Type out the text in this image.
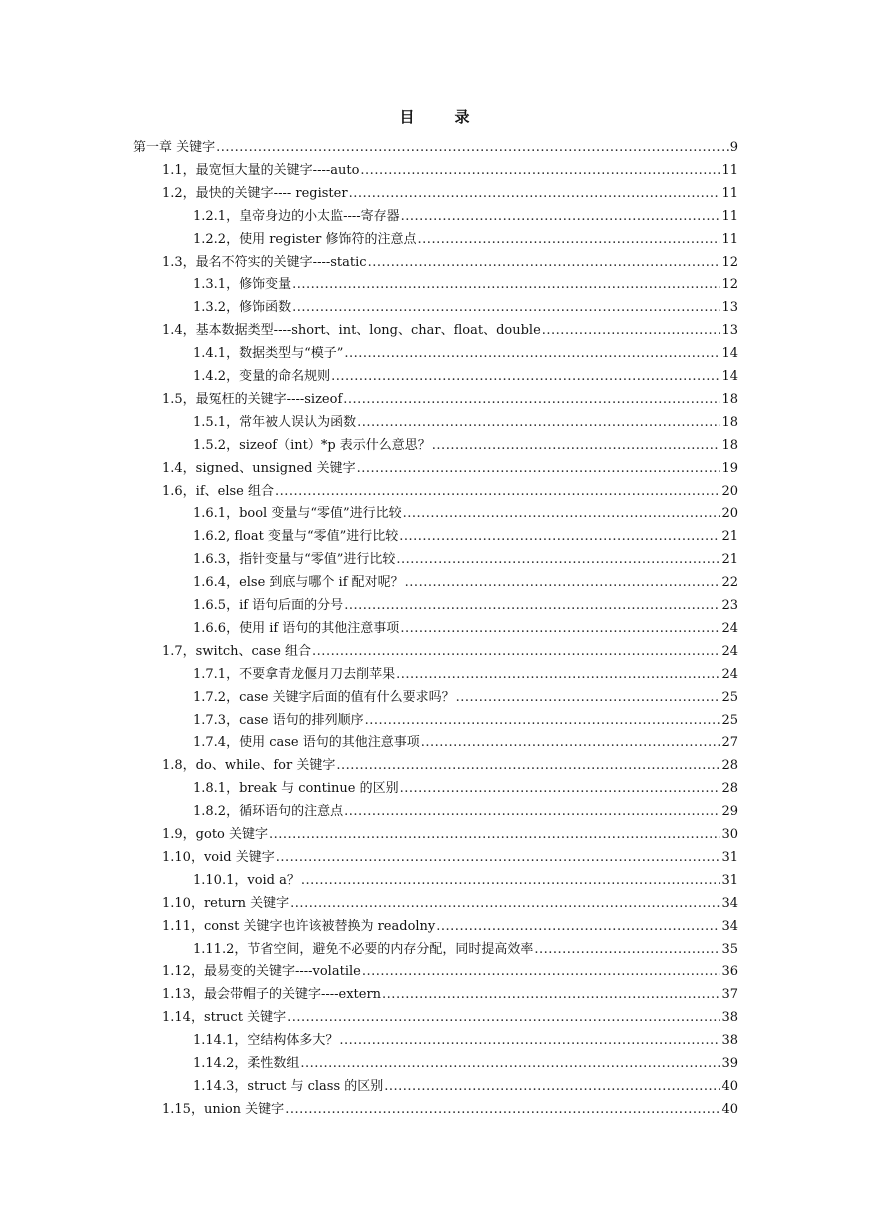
目	录
第一章 关键字 .....	9
1.1，最宽恒大量的关键字----auto .....	11
1.2，最快的关键字---- register .....	11
1.2.1，皇帝身边的小太监----寄存器 .....	11
1.2.2，使用 register 修饰符的注意点 .....	11
1.3，最名不符实的关键字----static .....	12
1.3.1，修饰变量 .....	12
1.3.2，修饰函数 .....	13
1.4，基本数据类型----short、int、long、char、float、double .....	13
1.4.1，数据类型与“模子” .....	14
1.4.2，变量的命名规则 .....	14
1.5，最冤枉的关键字----sizeof .....	18
1.5.1，常年被人误认为函数 .....	18
1.5.2，sizeof（int）*p 表示什么意思？ .....	18
1.4，signed、unsigned 关键字 .....	19
1.6，if、else 组合 .....	20
1.6.1，bool 变量与“零值”进行比较 .....	20
1.6.2, float 变量与“零值”进行比较 .....	21
1.6.3，指针变量与“零值”进行比较 .....	21
1.6.4，else 到底与哪个 if 配对呢？ .....	22
1.6.5，if 语句后面的分号 .....	23
1.6.6，使用 if 语句的其他注意事项 .....	24
1.7，switch、case 组合 .....	24
1.7.1，不要拿青龙偃月刀去削苹果 .....	24
1.7.2，case 关键字后面的值有什么要求吗？ .....	25
1.7.3，case 语句的排列顺序 .....	25
1.7.4，使用 case 语句的其他注意事项 .....	27
1.8，do、while、for 关键字 .....	28
1.8.1，break 与 continue 的区别 .....	28
1.8.2，循环语句的注意点 .....	29
1.9，goto 关键字 .....	30
1.10，void 关键字 .....	31
1.10.1，void a？ .....	31
1.10，return 关键字 .....	34
1.11，const 关键字也许该被替换为 readolny .....	34
1.11.2，节省空间，避免不必要的内存分配，同时提高效率 .....	35
1.12，最易变的关键字----volatile .....	36
1.13，最会带帽子的关键字----extern .....	37
1.14，struct 关键字 .....	38
1.14.1，空结构体多大？ .....	38
1.14.2，柔性数组 .....	39
1.14.3，struct 与 class 的区别 .....	40
1.15，union 关键字 .....	40
